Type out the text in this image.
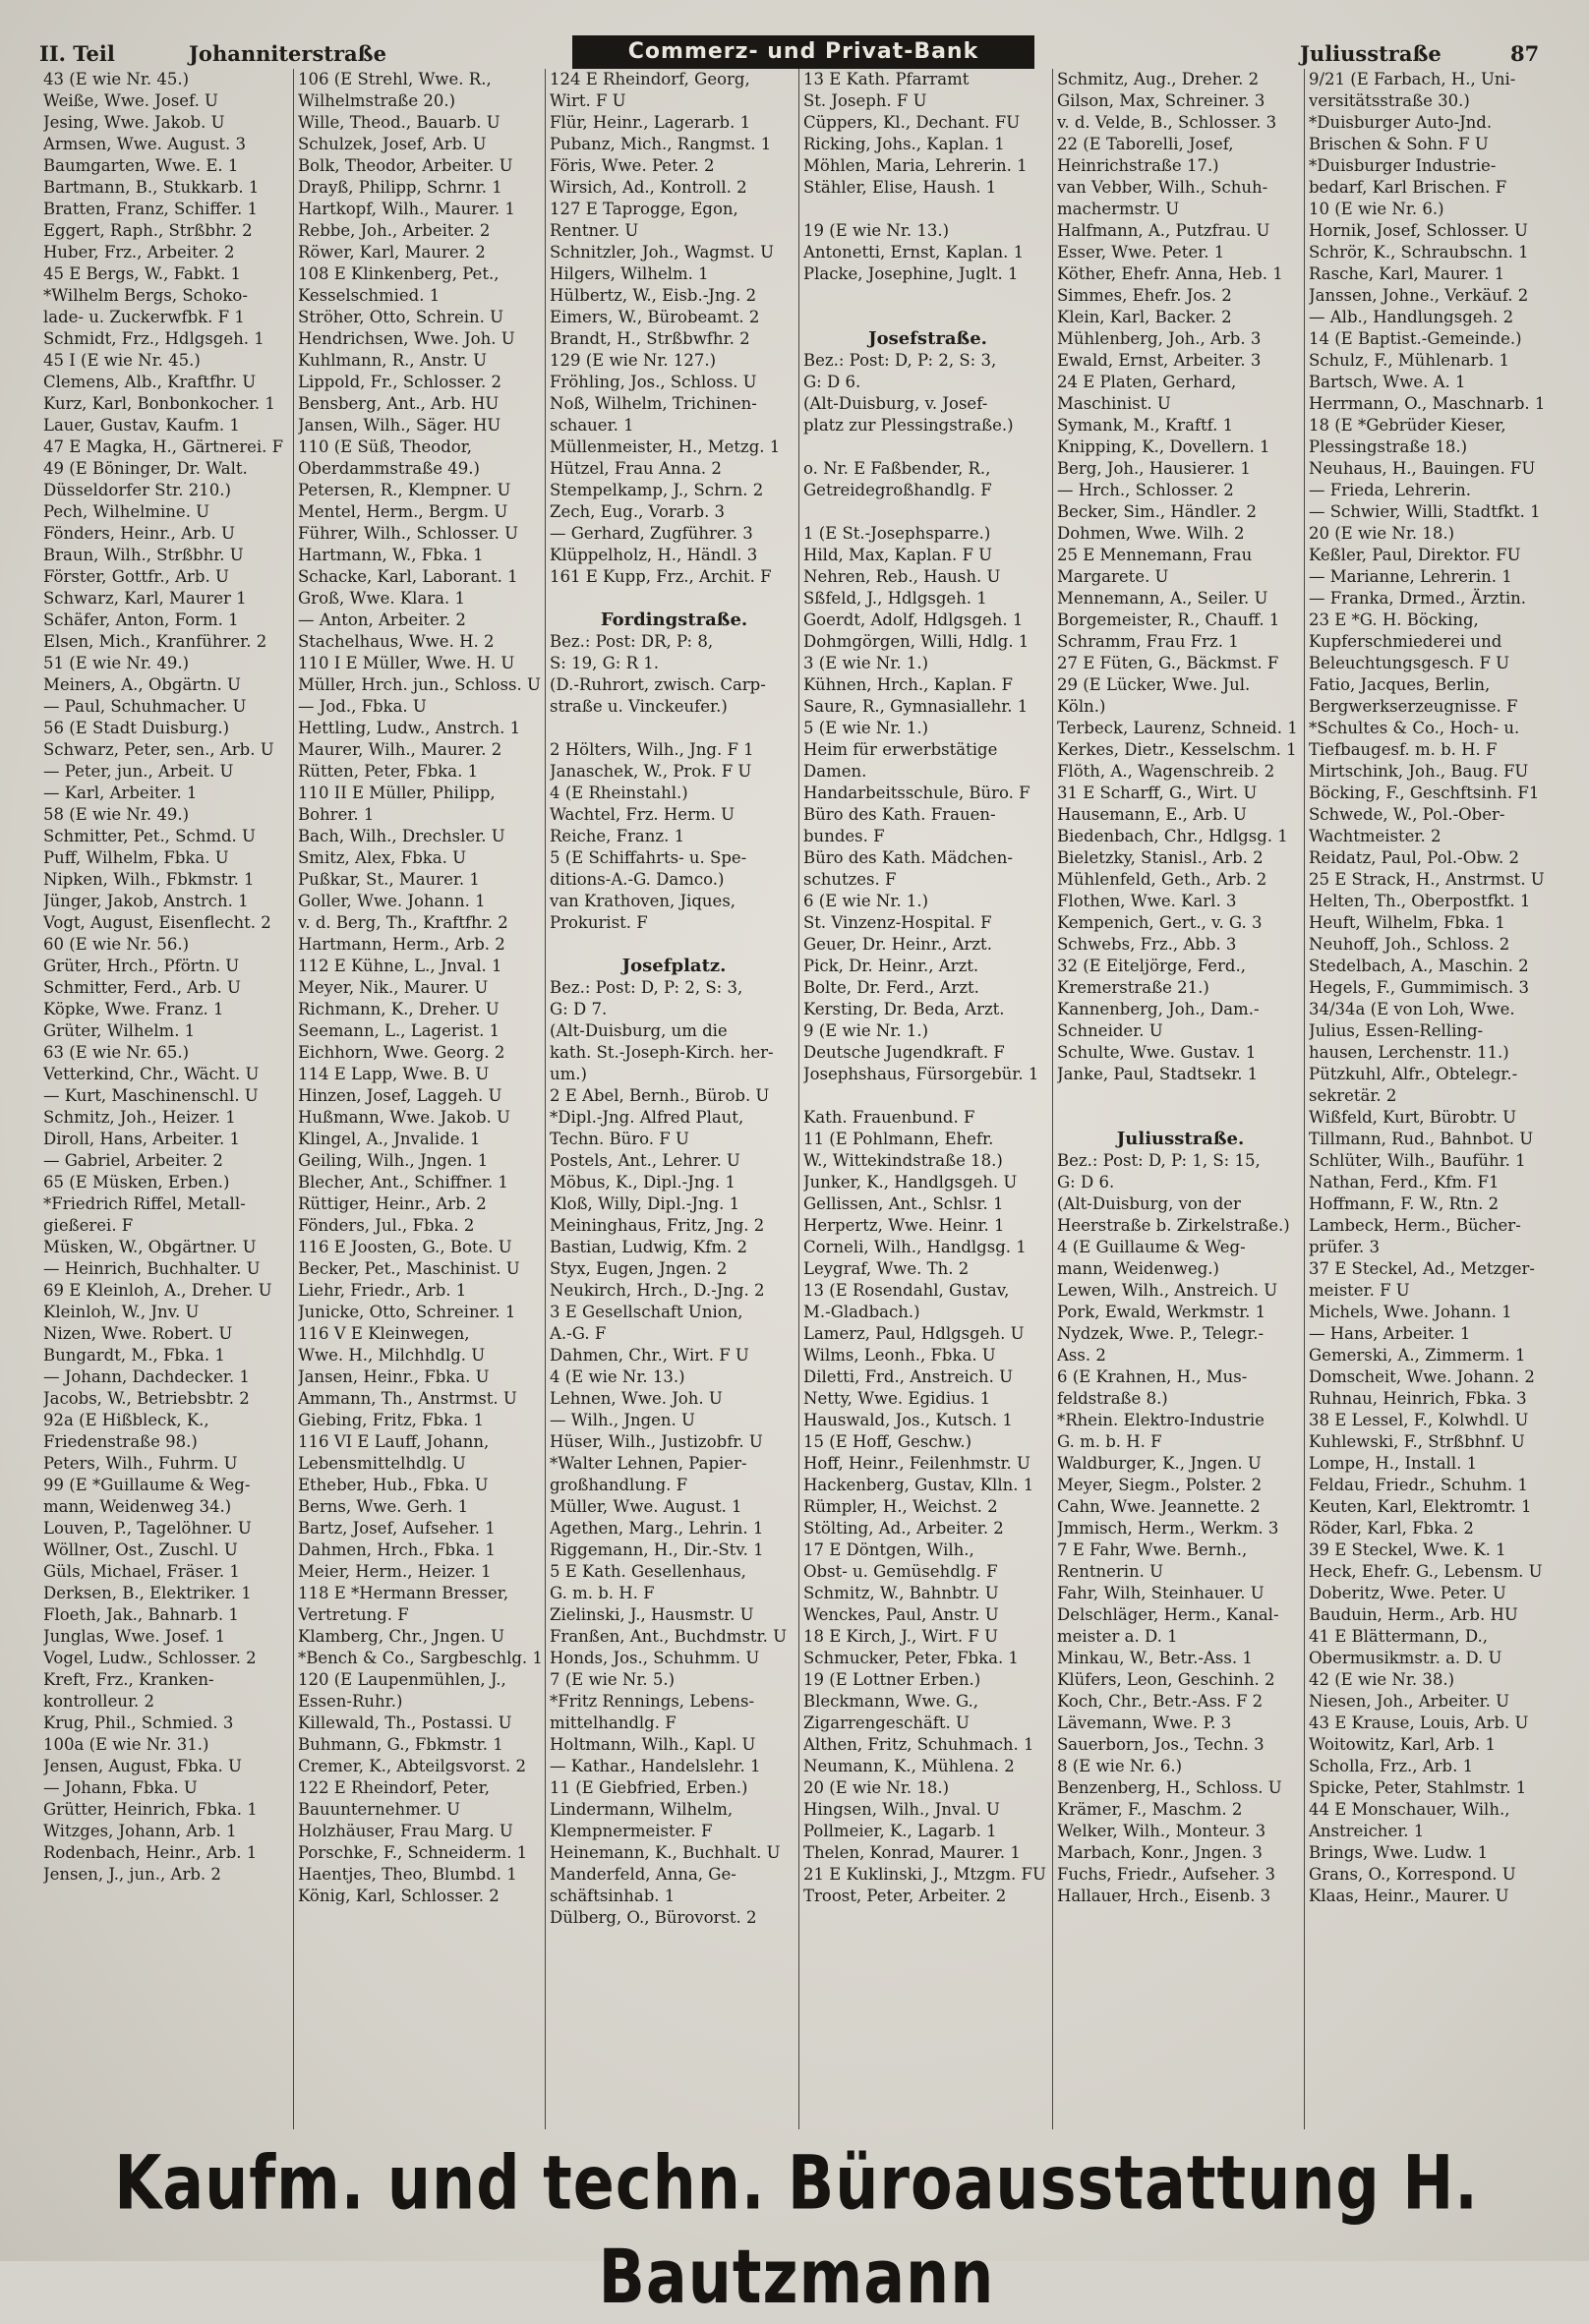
II. Teil	Johanniterstraße	Commerz- und Privat-Bank	Juliusstraße	87
43 (E wie Nr. 45.)
Weiße, Wwe. Josef. U
Jesing, Wwe. Jakob. U
Armsen, Wwe. August. 3
Baumgarten, Wwe. E. 1
Bartmann, B., Stukkarb. 1
Bratten, Franz, Schiffer. 1
Eggert, Raph., Strßbhr. 2
Huber, Frz., Arbeiter. 2
45 E Bergs, W., Fabkt. 1
*Wilhelm Bergs, Schoko-
lade- u. Zuckerwfbk. F 1
Schmidt, Frz., Hdlgsgeh. 1
45 I (E wie Nr. 45.)
Clemens, Alb., Kraftfhr. U
Kurz, Karl, Bonbonkocher. 1
Lauer, Gustav, Kaufm. 1
47 E Magka, H., Gärtnerei. F
49 (E Böninger, Dr. Walt.
Düsseldorfer Str. 210.)
Pech, Wilhelmine. U
Fönders, Heinr., Arb. U
Braun, Wilh., Strßbhr. U
Förster, Gottfr., Arb. U
Schwarz, Karl, Maurer 1
Schäfer, Anton, Form. 1
Elsen, Mich., Kranführer. 2
51 (E wie Nr. 49.)
Meiners, A., Obgärtn. U
— Paul, Schuhmacher. U
56 (E Stadt Duisburg.)
Schwarz, Peter, sen., Arb. U
— Peter, jun., Arbeit. U
— Karl, Arbeiter. 1
58 (E wie Nr. 49.)
Schmitter, Pet., Schmd. U
Puff, Wilhelm, Fbka. U
Nipken, Wilh., Fbkmstr. 1
Jünger, Jakob, Anstrch. 1
Vogt, August, Eisenflecht. 2
60 (E wie Nr. 56.)
Grüter, Hrch., Pförtn. U
Schmitter, Ferd., Arb. U
Köpke, Wwe. Franz. 1
Grüter, Wilhelm. 1
63 (E wie Nr. 65.)
Vetterkind, Chr., Wächt. U
— Kurt, Maschinenschl. U
Schmitz, Joh., Heizer. 1
Diroll, Hans, Arbeiter. 1
— Gabriel, Arbeiter. 2
65 (E Müsken, Erben.)
*Friedrich Riffel, Metall-
gießerei. F
Müsken, W., Obgärtner. U
— Heinrich, Buchhalter. U
69 E Kleinloh, A., Dreher. U
Kleinloh, W., Jnv. U
Nizen, Wwe. Robert. U
Bungardt, M., Fbka. 1
— Johann, Dachdecker. 1
Jacobs, W., Betriebsbtr. 2
92a (E Hißbleck, K.,
Friedenstraße 98.)
Peters, Wilh., Fuhrm. U
99 (E *Guillaume & Weg-
mann, Weidenweg 34.)
Louven, P., Tagelöhner. U
Wöllner, Ost., Zuschl. U
Güls, Michael, Fräser. 1
Derksen, B., Elektriker. 1
Floeth, Jak., Bahnarb. 1
Junglas, Wwe. Josef. 1
Vogel, Ludw., Schlosser. 2
Kreft, Frz., Kranken-
kontrolleur. 2
Krug, Phil., Schmied. 3
100a (E wie Nr. 31.)
Jensen, August, Fbka. U
— Johann, Fbka. U
Grütter, Heinrich, Fbka. 1
Witzges, Johann, Arb. 1
Rodenbach, Heinr., Arb. 1
Jensen, J., jun., Arb. 2
106 (E Strehl, Wwe. R.,
Wilhelmstraße 20.)
Wille, Theod., Bauarb. U
Schulzek, Josef, Arb. U
Bolk, Theodor, Arbeiter. U
Drayß, Philipp, Schrnr. 1
Hartkopf, Wilh., Maurer. 1
Rebbe, Joh., Arbeiter. 2
Röwer, Karl, Maurer. 2
108 E Klinkenberg, Pet.,
Kesselschmied. 1
Ströher, Otto, Schrein. U
Hendrichsen, Wwe. Joh. U
Kuhlmann, R., Anstr. U
Lippold, Fr., Schlosser. 2
Bensberg, Ant., Arb. HU
Jansen, Wilh., Säger. HU
110 (E Süß, Theodor,
Oberdammstraße 49.)
Petersen, R., Klempner. U
Mentel, Herm., Bergm. U
Führer, Wilh., Schlosser. U
Hartmann, W., Fbka. 1
Schacke, Karl, Laborant. 1
Groß, Wwe. Klara. 1
— Anton, Arbeiter. 2
Stachelhaus, Wwe. H. 2
110 I E Müller, Wwe. H. U
Müller, Hrch. jun., Schloss. U
— Jod., Fbka. U
Hettling, Ludw., Anstrch. 1
Maurer, Wilh., Maurer. 2
Rütten, Peter, Fbka. 1
110 II E Müller, Philipp,
Bohrer. 1
Bach, Wilh., Drechsler. U
Smitz, Alex, Fbka. U
Pußkar, St., Maurer. 1
Goller, Wwe. Johann. 1
v. d. Berg, Th., Kraftfhr. 2
Hartmann, Herm., Arb. 2
112 E Kühne, L., Jnval. 1
Meyer, Nik., Maurer. U
Richmann, K., Dreher. U
Seemann, L., Lagerist. 1
Eichhorn, Wwe. Georg. 2
114 E Lapp, Wwe. B. U
Hinzen, Josef, Laggeh. U
Hußmann, Wwe. Jakob. U
Klingel, A., Jnvalide. 1
Geiling, Wilh., Jngen. 1
Blecher, Ant., Schiffner. 1
Rüttiger, Heinr., Arb. 2
Fönders, Jul., Fbka. 2
116 E Joosten, G., Bote. U
Becker, Pet., Maschinist. U
Liehr, Friedr., Arb. 1
Junicke, Otto, Schreiner. 1
116 V E Kleinwegen,
Wwe. H., Milchhdlg. U
Jansen, Heinr., Fbka. U
Ammann, Th., Anstrmst. U
Giebing, Fritz, Fbka. 1
116 VI E Lauff, Johann,
Lebensmittelhdlg. U
Etheber, Hub., Fbka. U
Berns, Wwe. Gerh. 1
Bartz, Josef, Aufseher. 1
Dahmen, Hrch., Fbka. 1
Meier, Herm., Heizer. 1
118 E *Hermann Bresser,
Vertretung. F
Klamberg, Chr., Jngen. U
*Bench & Co., Sargbeschlg. 1
120 (E Laupenmühlen, J.,
Essen-Ruhr.)
Killewald, Th., Postassi. U
Buhmann, G., Fbkmstr. 1
Cremer, K., Abteilgsvorst. 2
122 E Rheindorf, Peter,
Bauunternehmer. U
Holzhäuser, Frau Marg. U
Porschke, F., Schneiderm. 1
Haentjes, Theo, Blumbd. 1
König, Karl, Schlosser. 2
124 E Rheindorf, Georg,
Wirt. F U
Flür, Heinr., Lagerarb. 1
Pubanz, Mich., Rangmst. 1
Föris, Wwe. Peter. 2
Wirsich, Ad., Kontroll. 2
127 E Taprogge, Egon,
Rentner. U
Schnitzler, Joh., Wagmst. U
Hilgers, Wilhelm. 1
Hülbertz, W., Eisb.-Jng. 2
Eimers, W., Bürobeamt. 2
Brandt, H., Strßbwfhr. 2
129 (E wie Nr. 127.)
Fröhling, Jos., Schloss. U
Noß, Wilhelm, Trichinen-
schauer. 1
Müllenmeister, H., Metzg. 1
Hützel, Frau Anna. 2
Stempelkamp, J., Schrn. 2
Zech, Eug., Vorarb. 3
— Gerhard, Zugführer. 3
Klüppelholz, H., Händl. 3
161 E Kupp, Frz., Archit. F
Fordingstraße.
Bez.: Post: DR, P: 8,
S: 19, G: R 1.
(D.-Ruhrort, zwisch. Carp-
straße u. Vinckeufer.)
2 Hölters, Wilh., Jng. F 1
Janaschek, W., Prok. F U
4 (E Rheinstahl.)
Wachtel, Frz. Herm. U
Reiche, Franz. 1
5 (E Schiffahrts- u. Spe-
ditions-A.-G. Damco.)
van Krathoven, Jiques,
Prokurist. F
Josefplatz.
Bez.: Post: D, P: 2, S: 3,
G: D 7.
(Alt-Duisburg, um die
kath. St.-Joseph-Kirch. her-
um.)
2 E Abel, Bernh., Bürob. U
*Dipl.-Jng. Alfred Plaut,
Techn. Büro. F U
Postels, Ant., Lehrer. U
Möbus, K., Dipl.-Jng. 1
Kloß, Willy, Dipl.-Jng. 1
Meininghaus, Fritz, Jng. 2
Bastian, Ludwig, Kfm. 2
Styx, Eugen, Jngen. 2
Neukirch, Hrch., D.-Jng. 2
3 E Gesellschaft Union,
A.-G. F
Dahmen, Chr., Wirt. F U
4 (E wie Nr. 13.)
Lehnen, Wwe. Joh. U
— Wilh., Jngen. U
Hüser, Wilh., Justizobfr. U
*Walter Lehnen, Papier-
großhandlung. F
Müller, Wwe. August. 1
Agethen, Marg., Lehrin. 1
Riggemann, H., Dir.-Stv. 1
5 E Kath. Gesellenhaus,
G. m. b. H. F
Zielinski, J., Hausmstr. U
Franßen, Ant., Buchdmstr. U
Honds, Jos., Schuhmm. U
7 (E wie Nr. 5.)
*Fritz Rennings, Lebens-
mittelhandlg. F
Holtmann, Wilh., Kapl. U
— Kathar., Handelslehr. 1
11 (E Giebfried, Erben.)
Lindermann, Wilhelm,
Klempnermeister. F
Heinemann, K., Buchhalt. U
Manderfeld, Anna, Ge-
schäftsinhab. 1
Dülberg, O., Bürovorst. 2
13 E Kath. Pfarramt
St. Joseph. F U
Cüppers, Kl., Dechant. FU
Ricking, Johs., Kaplan. 1
Möhlen, Maria, Lehrerin. 1
Stähler, Elise, Haush. 1
19 (E wie Nr. 13.)
Antonetti, Ernst, Kaplan. 1
Placke, Josephine, Juglt. 1
Josefstraße.
Bez.: Post: D, P: 2, S: 3,
G: D 6.
(Alt-Duisburg, v. Josef-
platz zur Plessingstraße.)
o. Nr. E Faßbender, R.,
Getreidegroßhandlg. F
1 (E St.-Josephsparre.)
Hild, Max, Kaplan. F U
Nehren, Reb., Haush. U
Sßfeld, J., Hdlgsgeh. 1
Goerdt, Adolf, Hdlgsgeh. 1
Dohmgörgen, Willi, Hdlg. 1
3 (E wie Nr. 1.)
Kühnen, Hrch., Kaplan. F
Saure, R., Gymnasiallehr. 1
5 (E wie Nr. 1.)
Heim für erwerbstätige
Damen.
Handarbeitsschule, Büro. F
Büro des Kath. Frauen-
bundes. F
Büro des Kath. Mädchen-
schutzes. F
6 (E wie Nr. 1.)
St. Vinzenz-Hospital. F
Geuer, Dr. Heinr., Arzt.
Pick, Dr. Heinr., Arzt.
Bolte, Dr. Ferd., Arzt.
Kersting, Dr. Beda, Arzt.
9 (E wie Nr. 1.)
Deutsche Jugendkraft. F
Josephshaus, Fürsorgebür. 1
Kath. Frauenbund. F
11 (E Pohlmann, Ehefr.
W., Wittekindstraße 18.)
Junker, K., Handlgsgeh. U
Gellissen, Ant., Schlsr. 1
Herpertz, Wwe. Heinr. 1
Corneli, Wilh., Handlgsg. 1
Leygraf, Wwe. Th. 2
13 (E Rosendahl, Gustav,
M.-Gladbach.)
Lamerz, Paul, Hdlgsgeh. U
Wilms, Leonh., Fbka. U
Diletti, Frd., Anstreich. U
Netty, Wwe. Egidius. 1
Hauswald, Jos., Kutsch. 1
15 (E Hoff, Geschw.)
Hoff, Heinr., Feilenhmstr. U
Hackenberg, Gustav, Klln. 1
Rümpler, H., Weichst. 2
Stölting, Ad., Arbeiter. 2
17 E Döntgen, Wilh.,
Obst- u. Gemüsehdlg. F
Schmitz, W., Bahnbtr. U
Wenckes, Paul, Anstr. U
18 E Kirch, J., Wirt. F U
Schmucker, Peter, Fbka. 1
19 (E Lottner Erben.)
Bleckmann, Wwe. G.,
Zigarrengeschäft. U
Althen, Fritz, Schuhmach. 1
Neumann, K., Mühlena. 2
20 (E wie Nr. 18.)
Hingsen, Wilh., Jnval. U
Pollmeier, K., Lagarb. 1
Thelen, Konrad, Maurer. 1
21 E Kuklinski, J., Mtzgm. FU
Troost, Peter, Arbeiter. 2
Schmitz, Aug., Dreher. 2
Gilson, Max, Schreiner. 3
v. d. Velde, B., Schlosser. 3
22 (E Taborelli, Josef,
Heinrichstraße 17.)
van Vebber, Wilh., Schuh-
machermstr. U
Halfmann, A., Putzfrau. U
Esser, Wwe. Peter. 1
Köther, Ehefr. Anna, Heb. 1
Simmes, Ehefr. Jos. 2
Klein, Karl, Backer. 2
Mühlenberg, Joh., Arb. 3
Ewald, Ernst, Arbeiter. 3
24 E Platen, Gerhard,
Maschinist. U
Symank, M., Kraftf. 1
Knipping, K., Dovellern. 1
Berg, Joh., Hausierer. 1
— Hrch., Schlosser. 2
Becker, Sim., Händler. 2
Dohmen, Wwe. Wilh. 2
25 E Mennemann, Frau
Margarete. U
Mennemann, A., Seiler. U
Borgemeister, R., Chauff. 1
Schramm, Frau Frz. 1
27 E Füten, G., Bäckmst. F
29 (E Lücker, Wwe. Jul.
Köln.)
Terbeck, Laurenz, Schneid. 1
Kerkes, Dietr., Kesselschm. 1
Flöth, A., Wagenschreib. 2
31 E Scharff, G., Wirt. U
Hausemann, E., Arb. U
Biedenbach, Chr., Hdlgsg. 1
Bieletzky, Stanisl., Arb. 2
Mühlenfeld, Geth., Arb. 2
Flothen, Wwe. Karl. 3
Kempenich, Gert., v. G. 3
Schwebs, Frz., Abb. 3
32 (E Eiteljörge, Ferd.,
Kremerstraße 21.)
Kannenberg, Joh., Dam.-
Schneider. U
Schulte, Wwe. Gustav. 1
Janke, Paul, Stadtsekr. 1
Juliusstraße.
Bez.: Post: D, P: 1, S: 15,
G: D 6.
(Alt-Duisburg, von der
Heerstraße b. Zirkelstraße.)
4 (E Guillaume & Weg-
mann, Weidenweg.)
Lewen, Wilh., Anstreich. U
Pork, Ewald, Werkmstr. 1
Nydzek, Wwe. P., Telegr.-
Ass. 2
6 (E Krahnen, H., Mus-
feldstraße 8.)
*Rhein. Elektro-Industrie
G. m. b. H. F
Waldburger, K., Jngen. U
Meyer, Siegm., Polster. 2
Cahn, Wwe. Jeannette. 2
Jmmisch, Herm., Werkm. 3
7 E Fahr, Wwe. Bernh.,
Rentnerin. U
Fahr, Wilh, Steinhauer. U
Delschläger, Herm., Kanal-
meister a. D. 1
Minkau, W., Betr.-Ass. 1
Klüfers, Leon, Geschinh. 2
Koch, Chr., Betr.-Ass. F 2
Lävemann, Wwe. P. 3
Sauerborn, Jos., Techn. 3
8 (E wie Nr. 6.)
Benzenberg, H., Schloss. U
Krämer, F., Maschm. 2
Welker, Wilh., Monteur. 3
Marbach, Konr., Jngen. 3
Fuchs, Friedr., Aufseher. 3
Hallauer, Hrch., Eisenb. 3
9/21 (E Farbach, H., Uni-
versitätsstraße 30.)
*Duisburger Auto-Jnd.
Brischen & Sohn. F U
*Duisburger Industrie-
bedarf, Karl Brischen. F
10 (E wie Nr. 6.)
Hornik, Josef, Schlosser. U
Schrör, K., Schraubschn. 1
Rasche, Karl, Maurer. 1
Janssen, Johne., Verkäuf. 2
— Alb., Handlungsgeh. 2
14 (E Baptist.-Gemeinde.)
Schulz, F., Mühlenarb. 1
Bartsch, Wwe. A. 1
Herrmann, O., Maschnarb. 1
18 (E *Gebrüder Kieser,
Plessingstraße 18.)
Neuhaus, H., Bauingen. FU
— Frieda, Lehrerin.
— Schwier, Willi, Stadtfkt. 1
20 (E wie Nr. 18.)
Keßler, Paul, Direktor. FU
— Marianne, Lehrerin. 1
— Franka, Drmed., Ärztin.
23 E *G. H. Böcking,
Kupferschmiederei und
Beleuchtungsgesch. F U
Fatio, Jacques, Berlin,
Bergwerkserzeugnisse. F
*Schultes & Co., Hoch- u.
Tiefbaugesf. m. b. H. F
Mirtschink, Joh., Baug. FU
Böcking, F., Geschftsinh. F1
Schwede, W., Pol.-Ober-
Wachtmeister. 2
Reidatz, Paul, Pol.-Obw. 2
25 E Strack, H., Anstrmst. U
Helten, Th., Oberpostfkt. 1
Heuft, Wilhelm, Fbka. 1
Neuhoff, Joh., Schloss. 2
Stedelbach, A., Maschin. 2
Hegels, F., Gummimisch. 3
34/34a (E von Loh, Wwe.
Julius, Essen-Relling-
hausen, Lerchenstr. 11.)
Pützkuhl, Alfr., Obtelegr.-
sekretär. 2
Wißfeld, Kurt, Bürobtr. U
Tillmann, Rud., Bahnbot. U
Schlüter, Wilh., Bauführ. 1
Nathan, Ferd., Kfm. F1
Hoffmann, F. W., Rtn. 2
Lambeck, Herm., Bücher-
prüfer. 3
37 E Steckel, Ad., Metzger-
meister. F U
Michels, Wwe. Johann. 1
— Hans, Arbeiter. 1
Gemerski, A., Zimmerm. 1
Domscheit, Wwe. Johann. 2
Ruhnau, Heinrich, Fbka. 3
38 E Lessel, F., Kolwhdl. U
Kuhlewski, F., Strßbhnf. U
Lompe, H., Install. 1
Feldau, Friedr., Schuhm. 1
Keuten, Karl, Elektromtr. 1
Röder, Karl, Fbka. 2
39 E Steckel, Wwe. K. 1
Heck, Ehefr. G., Lebensm. U
Doberitz, Wwe. Peter. U
Bauduin, Herm., Arb. HU
41 E Blättermann, D.,
Obermusikmstr. a. D. U
42 (E wie Nr. 38.)
Niesen, Joh., Arbeiter. U
43 E Krause, Louis, Arb. U
Woitowitz, Karl, Arb. 1
Scholla, Frz., Arb. 1
Spicke, Peter, Stahlmstr. 1
44 E Monschauer, Wilh.,
Anstreicher. 1
Brings, Wwe. Ludw. 1
Grans, O., Korrespond. U
Klaas, Heinr., Maurer. U
Kaufm. und techn. Büroausstattung H. Bautzmann
